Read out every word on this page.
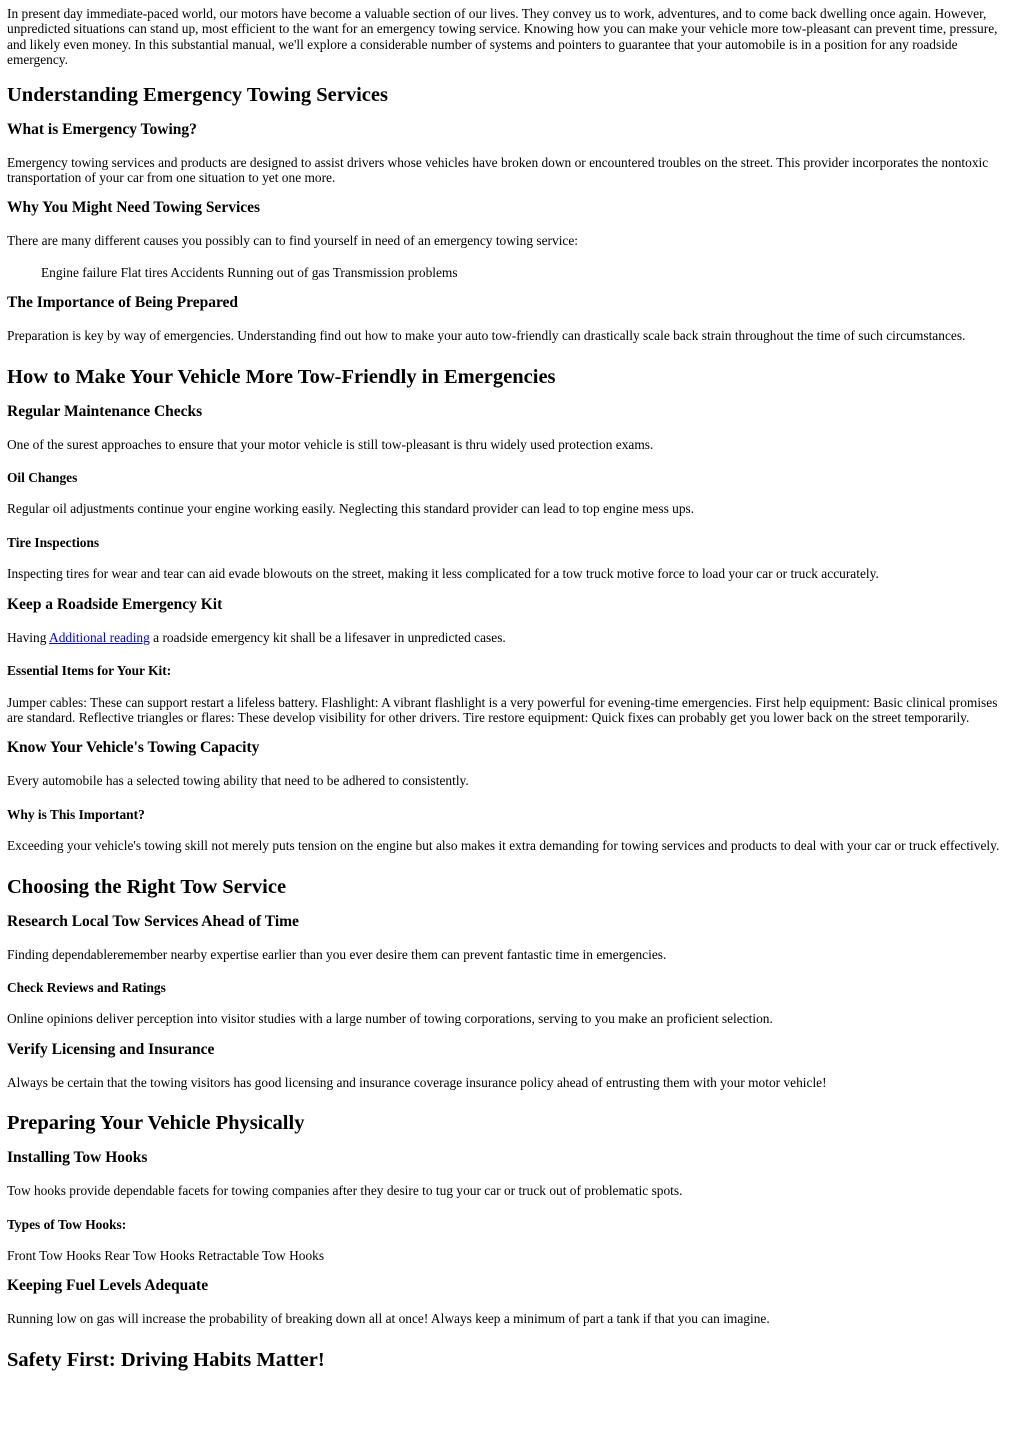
In present day immediate-paced world, our motors have become a valuable section of our lives. They convey us to work, adventures, and to come back dwelling once again. However, unpredicted situations can stand up, most efficient to the want for an emergency towing service. Knowing how you can make your vehicle more tow-pleasant can prevent time, pressure, and likely even money. In this substantial manual, we'll explore a considerable number of systems and pointers to guarantee that your automobile is in a position for any roadside emergency.

Understanding Emergency Towing Services
What is Emergency Towing?

Emergency towing services and products are designed to assist drivers whose vehicles have broken down or encountered troubles on the street. This provider incorporates the nontoxic transportation of your car from one situation to yet one more.

Why You Might Need Towing Services

There are many different causes you possibly can to find yourself in need of an emergency towing service:

Engine failure Flat tires Accidents Running out of gas Transmission problems

The Importance of Being Prepared

Preparation is key by way of emergencies. Understanding find out how to make your auto tow-friendly can drastically scale back strain throughout the time of such circumstances.

How to Make Your Vehicle More Tow-Friendly in Emergencies
Regular Maintenance Checks

One of the surest approaches to ensure that your motor vehicle is still tow-pleasant is thru widely used protection exams.

Oil Changes

Regular oil adjustments continue your engine working easily. Neglecting this standard provider can lead to top engine mess ups.

Tire Inspections

Inspecting tires for wear and tear can aid evade blowouts on the street, making it less complicated for a tow truck motive force to load your car or truck accurately.

Keep a Roadside Emergency Kit

Having Additional reading a roadside emergency kit shall be a lifesaver in unpredicted cases.

Essential Items for Your Kit:

Jumper cables: These can support restart a lifeless battery. Flashlight: A vibrant flashlight is a very powerful for evening-time emergencies. First help equipment: Basic clinical promises are standard. Reflective triangles or flares: These develop visibility for other drivers. Tire restore equipment: Quick fixes can probably get you lower back on the street temporarily.

Know Your Vehicle's Towing Capacity

Every automobile has a selected towing ability that need to be adhered to consistently.

Why is This Important?

Exceeding your vehicle's towing skill not merely puts tension on the engine but also makes it extra demanding for towing services and products to deal with your car or truck effectively.

Choosing the Right Tow Service
Research Local Tow Services Ahead of Time

Finding dependableremember nearby expertise earlier than you ever desire them can prevent fantastic time in emergencies.

Check Reviews and Ratings

Online opinions deliver perception into visitor studies with a large number of towing corporations, serving to you make an proficient selection.

Verify Licensing and Insurance

Always be certain that the towing visitors has good licensing and insurance coverage insurance policy ahead of entrusting them with your motor vehicle!

Preparing Your Vehicle Physically
Installing Tow Hooks

Tow hooks provide dependable facets for towing companies after they desire to tug your car or truck out of problematic spots.

Types of Tow Hooks:

Front Tow Hooks Rear Tow Hooks Retractable Tow Hooks

Keeping Fuel Levels Adequate

Running low on gas will increase the probability of breaking down all at once! Always keep a minimum of part a tank if that you can imagine.

Safety First: Driving Habits Matter!
